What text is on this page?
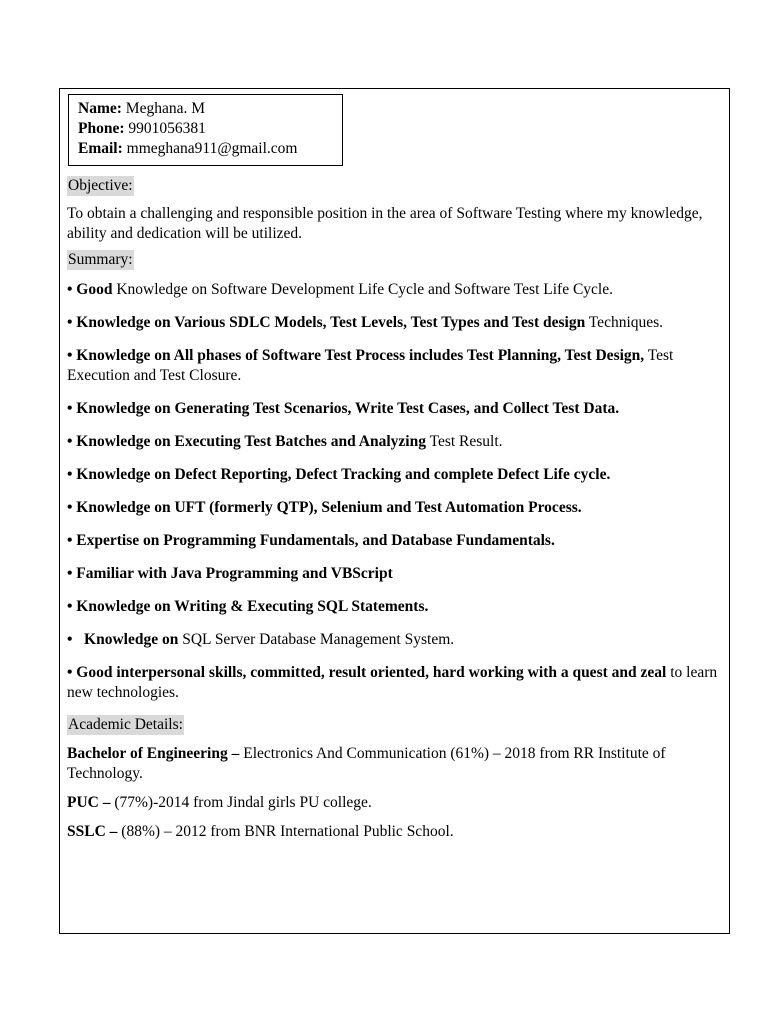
Name: Meghana. M
Phone: 9901056381
Email: mmeghana911@gmail.com
Objective:
To obtain a challenging and responsible position in the area of Software Testing where my knowledge, ability and dedication will be utilized.
Summary:
• Good Knowledge on Software Development Life Cycle and Software Test Life Cycle.
• Knowledge on Various SDLC Models, Test Levels, Test Types and Test design Techniques.
• Knowledge on All phases of Software Test Process includes Test Planning, Test Design, Test Execution and Test Closure.
• Knowledge on Generating Test Scenarios, Write Test Cases, and Collect Test Data.
• Knowledge on Executing Test Batches and Analyzing Test Result.
• Knowledge on Defect Reporting, Defect Tracking and complete Defect Life cycle.
• Knowledge on UFT (formerly QTP), Selenium and Test Automation Process.
• Expertise on Programming Fundamentals, and Database Fundamentals.
• Familiar with Java Programming and VBScript
• Knowledge on Writing & Executing SQL Statements.
•   Knowledge on SQL Server Database Management System.
• Good interpersonal skills, committed, result oriented, hard working with a quest and zeal to learn new technologies.
Academic Details:
Bachelor of Engineering – Electronics And Communication (61%) – 2018 from RR Institute of Technology.
PUC – (77%)-2014 from Jindal girls PU college.
SSLC – (88%) – 2012 from BNR International Public School.
